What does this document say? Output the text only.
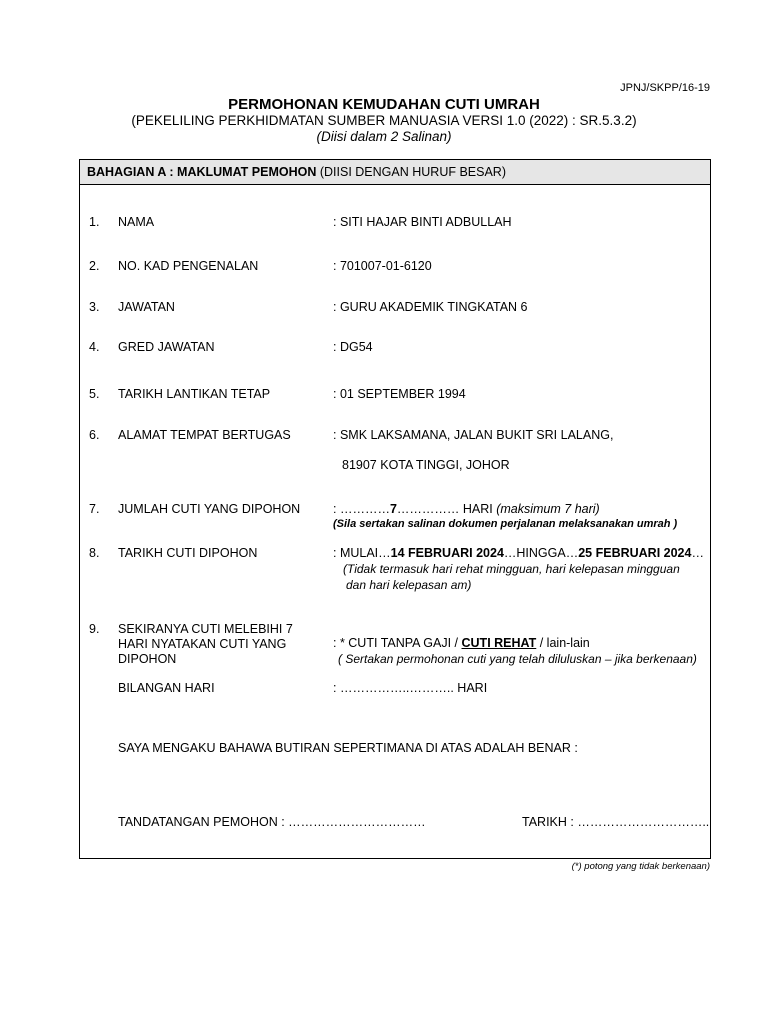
JPNJ/SKPP/16-19
PERMOHONAN KEMUDAHAN CUTI UMRAH
(PEKELILING PERKHIDMATAN SUMBER MANUASIA VERSI 1.0 (2022) : SR.5.3.2)
(Diisi dalam 2 Salinan)
BAHAGIAN A : MAKLUMAT PEMOHON (DIISI DENGAN HURUF BESAR)
1. NAMA	: SITI HAJAR BINTI ADBULLAH
2. NO. KAD PENGENALAN	: 701007-01-6120
3. JAWATAN	: GURU AKADEMIK TINGKATAN 6
4. GRED JAWATAN	: DG54
5. TARIKH LANTIKAN TETAP	: 01 SEPTEMBER 1994
6. ALAMAT TEMPAT BERTUGAS	: SMK LAKSAMANA, JALAN BUKIT SRI LALANG,
81907 KOTA TINGGI, JOHOR
7. JUMLAH CUTI YANG DIPOHON	: …………7…………… HARI (maksimum 7 hari)
(Sila sertakan salinan dokumen perjalanan melaksanakan umrah )
8. TARIKH CUTI DIPOHON	: MULAI…14 FEBRUARI 2024…HINGGA…25 FEBRUARI 2024…
(Tidak termasuk hari rehat mingguan, hari kelepasan mingguan
dan hari kelepasan am)
9. SEKIRANYA CUTI MELEBIHI 7
HARI NYATAKAN CUTI YANG
DIPOHON
: * CUTI TANPA GAJI / CUTI REHAT / lain-lain
( Sertakan permohonan cuti yang telah diluluskan – jika berkenaan)
BILANGAN HARI	: ……………..……….. HARI
SAYA MENGAKU BAHAWA BUTIRAN SEPERTIMANA DI ATAS ADALAH BENAR :
TANDATANGAN PEMOHON : ……………………………	TARIKH : …………………………..
(*) potong yang tidak berkenaan)
